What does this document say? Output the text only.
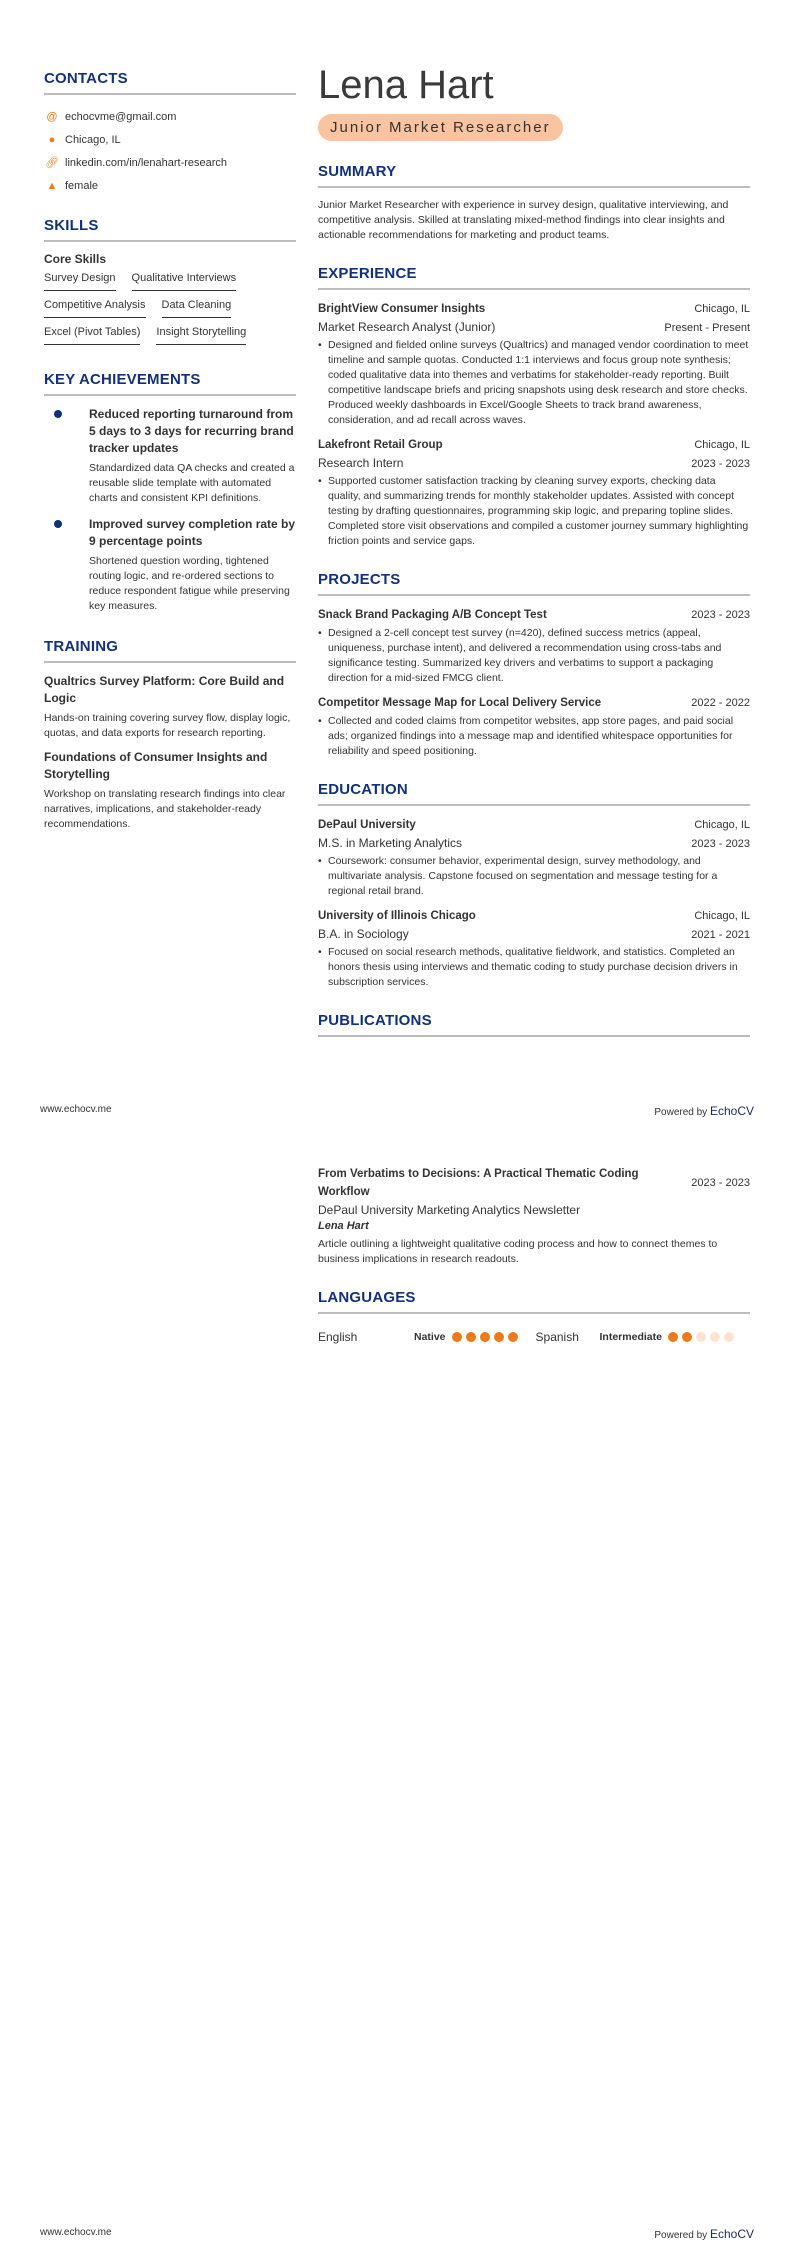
CONTACTS
@ echocvme@gmail.com
● Chicago, IL
🔗︎ linkedin.com/in/lenahart-research
▲ female
SKILLS
Core Skills
Survey Design Qualitative Interviews
Competitive Analysis Data Cleaning
Excel (Pivot Tables) Insight Storytelling
KEY ACHIEVEMENTS
Reduced reporting turnaround from 5 days to 3 days for recurring brand tracker updates
Standardized data QA checks and created a reusable slide template with automated charts and consistent KPI definitions.
Improved survey completion rate by 9 percentage points
Shortened question wording, tightened routing logic, and re-ordered sections to reduce respondent fatigue while preserving key measures.
TRAINING
Qualtrics Survey Platform: Core Build and Logic
Hands-on training covering survey flow, display logic, quotas, and data exports for research reporting.
Foundations of Consumer Insights and Storytelling
Workshop on translating research findings into clear narratives, implications, and stakeholder-ready recommendations.
Lena Hart
Junior Market Researcher
SUMMARY

Junior Market Researcher with experience in survey design, qualitative interviewing, and competitive analysis. Skilled at translating mixed-method findings into clear insights and actionable recommendations for marketing and product teams.

EXPERIENCE
BrightView Consumer Insights	Chicago, IL
Market Research Analyst (Junior)	Present - Present
• Designed and fielded online surveys (Qualtrics) and managed vendor coordination to meet timeline and sample quotas. Conducted 1:1 interviews and focus group note synthesis; coded qualitative data into themes and verbatims for stakeholder-ready reporting. Built competitive landscape briefs and pricing snapshots using desk research and store checks. Produced weekly dashboards in Excel/Google Sheets to track brand awareness, consideration, and ad recall across waves.
Lakefront Retail Group	Chicago, IL
Research Intern	2023 - 2023
• Supported customer satisfaction tracking by cleaning survey exports, checking data quality, and summarizing trends for monthly stakeholder updates. Assisted with concept testing by drafting questionnaires, programming skip logic, and preparing topline slides. Completed store visit observations and compiled a customer journey summary highlighting friction points and service gaps.
PROJECTS
Snack Brand Packaging A/B Concept Test	2023 - 2023
• Designed a 2-cell concept test survey (n=420), defined success metrics (appeal, uniqueness, purchase intent), and delivered a recommendation using cross-tabs and significance testing. Summarized key drivers and verbatims to support a packaging direction for a mid-sized FMCG client.
Competitor Message Map for Local Delivery Service	2022 - 2022
• Collected and coded claims from competitor websites, app store pages, and paid social ads; organized findings into a message map and identified whitespace opportunities for reliability and speed positioning.
EDUCATION
DePaul University	Chicago, IL
M.S. in Marketing Analytics	2023 - 2023
• Coursework: consumer behavior, experimental design, survey methodology, and multivariate analysis. Capstone focused on segmentation and message testing for a regional retail brand.
University of Illinois Chicago	Chicago, IL
B.A. in Sociology	2021 - 2021
• Focused on social research methods, qualitative fieldwork, and statistics. Completed an honors thesis using interviews and thematic coding to study purchase decision drivers in subscription services.
PUBLICATIONS
www.echocv.me	Powered by EchoCV
From Verbatims to Decisions: A Practical Thematic Coding Workflow
2023 - 2023
DePaul University Marketing Analytics Newsletter
Lena Hart

Article outlining a lightweight qualitative coding process and how to connect themes to business implications in research readouts.

LANGUAGES
English	Native	Spanish	Intermediate
www.echocv.me	Powered by EchoCV
